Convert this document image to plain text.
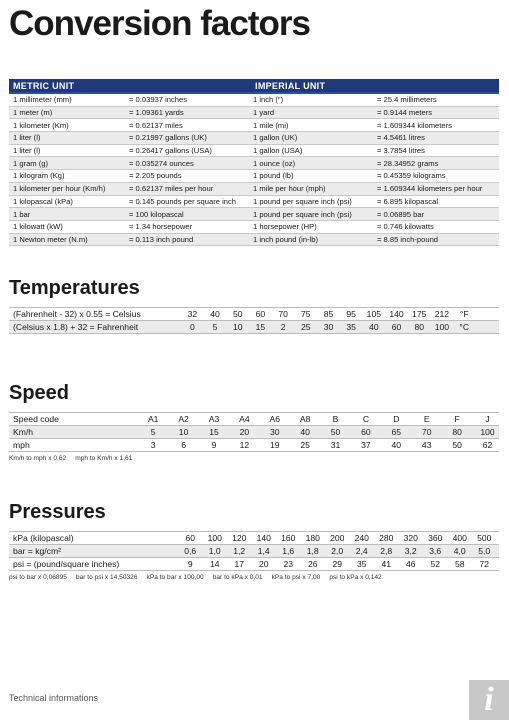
Conversion factors
METRIC UNIT	IMPERIAL UNIT
1 millimeter (mm)	= 0.03937 inches	1 inch (")	= 25.4 millimeters
1 meter (m)	= 1.09361 yards	1 yard	= 0.9144 meters
1 kilometer (Km)	= 0.62137 miles	1 mile (mi)	= 1.609344 kilometers
1 liter (l)	= 0.21997 gallons (UK)	1 gallon (UK)	= 4.5461 litres
1 liter (l)	= 0.26417 gallons (USA)	1 gallon (USA)	= 3.7854 litres
1 gram (g)	= 0.035274 ounces	1 ounce (oz)	= 28.34952 grams
1 kilogram (Kg)	= 2.205 pounds	1 pound (lb)	= 0.45359 kilograms
1 kilometer per hour (Km/h)	= 0.62137 miles per hour	1 mile per hour (mph)	= 1.609344 kilometers per hour
1 kilopascal (kPa)	= 0.145 pounds per square inch	1 pound per square inch (psi)	= 6.895 kilopascal
1 bar	= 100 kilopascal	1 pound per square inch (psi)	= 0.06895 bar
1 kilowatt (kW)	= 1.34 horsepower	1 horsepower (HP)	= 0.746 kilowatts
1 Newton meter (N.m)	= 0.113 inch pound	1 inch pound (in-lb)	= 8.85 inch-pound
Temperatures
(Fahrenheit - 32) x 0.55 = Celsius	32	40	50	60	70	75	85	95	105 140 175 212	°F
(Celsius x 1.8) + 32 = Fahrenheit	0	5	10	15	2	25	30	35	40	60	80	100	°C
Speed
Speed code	A1	A2	A3	A4	A6	A8	B	C	D	E	F	J
Km/h	5	10	15	20	30	40	50	60	65	70	80	100
mph	3	6	9	12	19	25	31	37	40	43	50	62
Km/h to mph x 0,62 mph to Km/h x 1,61
Pressures
kPa (kilopascal)	60	100	120	140	160	180	200	240	280	320	360	400	500
bar = kg/cm²	0,6	1,0	1,2	1,4	1,6	1,8	2,0	2,4	2,8	3,2	3,6	4,0	5,0
psi = (pound/square inches)	9	14	17	20	23	26	29	35	41	46	52	58	72
psi to bar x 0,06895 bar to psi x 14,50326 kPa to bar x 100,00 bar to kPa x 0,01 kPa to psi x 7,00 psi to kPa x 0,142
Technical informations	i
